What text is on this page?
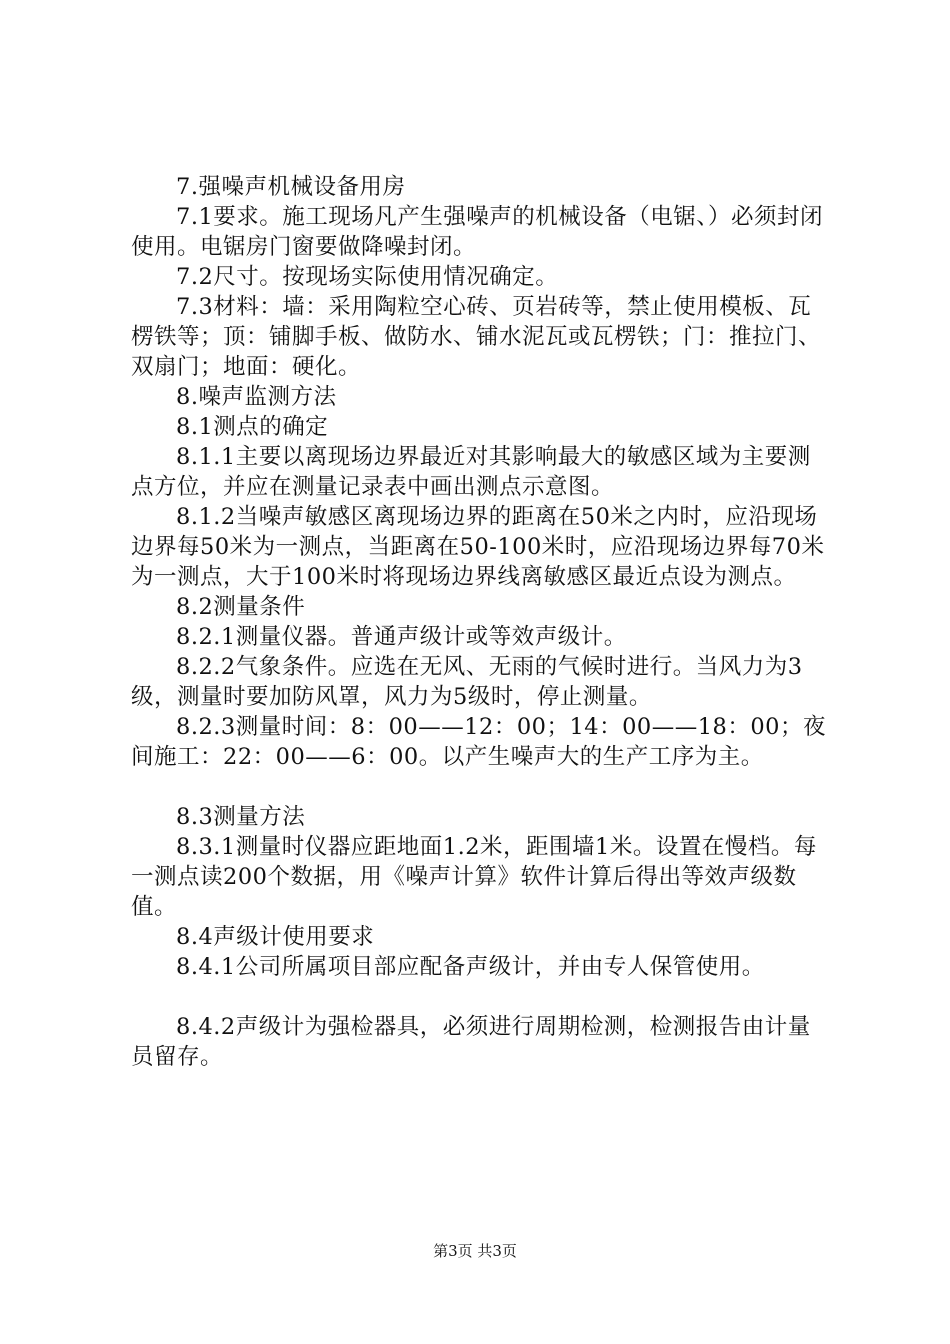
7.强噪声机械设备用房

7.1要求。施工现场凡产生强噪声的机械设备（电锯、）必须封闭使用。电锯房门窗要做降噪封闭。

7.2尺寸。按现场实际使用情况确定。

7.3材料：墙：采用陶粒空心砖、页岩砖等，禁止使用模板、瓦楞铁等；顶：铺脚手板、做防水、铺水泥瓦或瓦楞铁；门：推拉门、双扇门；地面：硬化。

8.噪声监测方法

8.1测点的确定

8.1.1主要以离现场边界最近对其影响最大的敏感区域为主要测点方位，并应在测量记录表中画出测点示意图。

8.1.2当噪声敏感区离现场边界的距离在50米之内时，应沿现场边界每50米为一测点，当距离在50-100米时，应沿现场边界每70米为一测点，大于100米时将现场边界线离敏感区最近点设为测点。

8.2测量条件

8.2.1测量仪器。普通声级计或等效声级计。

8.2.2气象条件。应选在无风、无雨的气候时进行。当风力为3级，测量时要加防风罩，风力为5级时，停止测量。

8.2.3测量时间：8：00——12：00；14：00——18：00；夜间施工：22：00——6：00。以产生噪声大的生产工序为主。

8.3测量方法

8.3.1测量时仪器应距地面1.2米，距围墙1米。设置在慢档。每一测点读200个数据，用《噪声计算》软件计算后得出等效声级数值。

8.4声级计使用要求

8.4.1公司所属项目部应配备声级计，并由专人保管使用。

8.4.2声级计为强检器具，必须进行周期检测，检测报告由计量员留存。

第3页 共3页
